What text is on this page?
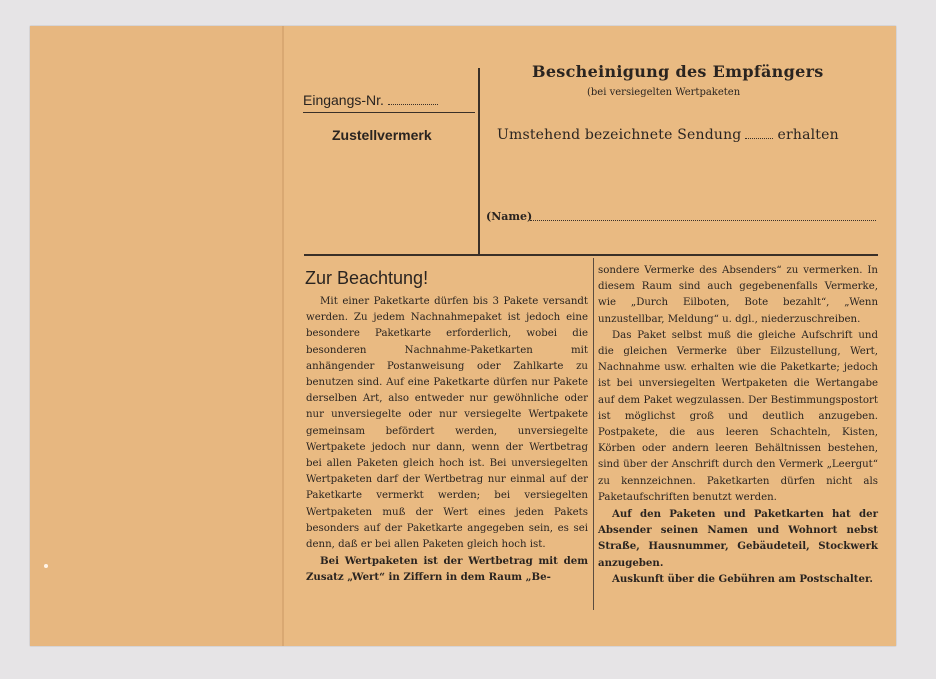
Eingangs-Nr.
Zustellvermerk
Bescheinigung des Empfängers
(bei versiegelten Wertpaketen
Umstehend bezeichnete Sendung	erhalten
(Name)
Zur Beachtung!

Mit einer Paketkarte dürfen bis 3 Pakete versandt werden. Zu jedem Nachnahmepaket ist jedoch eine besondere Paketkarte erforderlich, wobei die besonderen Nachnahme-Paketkarten mit anhängender Postanweisung oder Zahlkarte zu benutzen sind. Auf eine Paketkarte dürfen nur Pakete derselben Art, also entweder nur gewöhnliche oder nur unversiegelte oder nur versiegelte Wertpakete gemeinsam befördert werden, unversiegelte Wertpakete jedoch nur dann, wenn der Wertbetrag bei allen Paketen gleich hoch ist. Bei unversiegelten Wertpaketen darf der Wertbetrag nur einmal auf der Paketkarte vermerkt werden; bei versiegelten Wertpaketen muß der Wert eines jeden Pakets besonders auf der Paketkarte angegeben sein, es sei denn, daß er bei allen Paketen gleich hoch ist.

Bei Wertpaketen ist der Wertbetrag mit dem Zusatz „Wert“ in Ziffern in dem Raum „Be-

sondere Vermerke des Absenders“ zu vermerken. In diesem Raum sind auch gegebenenfalls Vermerke, wie „Durch Eilboten, Bote bezahlt“, „Wenn unzustellbar, Meldung“ u. dgl., niederzuschreiben.

Das Paket selbst muß die gleiche Aufschrift und die gleichen Vermerke über Eilzustellung, Wert, Nachnahme usw. erhalten wie die Paketkarte; jedoch ist bei unversiegelten Wertpaketen die Wertangabe auf dem Paket wegzulassen. Der Bestimmungspostort ist möglichst groß und deutlich anzugeben. Postpakete, die aus leeren Schachteln, Kisten, Körben oder andern leeren Behältnissen bestehen, sind über der Anschrift durch den Vermerk „Leergut“ zu kennzeichnen. Paketkarten dürfen nicht als Paketaufschriften benutzt werden.

Auf den Paketen und Paketkarten hat der Absender seinen Namen und Wohnort nebst Straße, Hausnummer, Gebäudeteil, Stockwerk anzugeben.

Auskunft über die Gebühren am Postschalter.
